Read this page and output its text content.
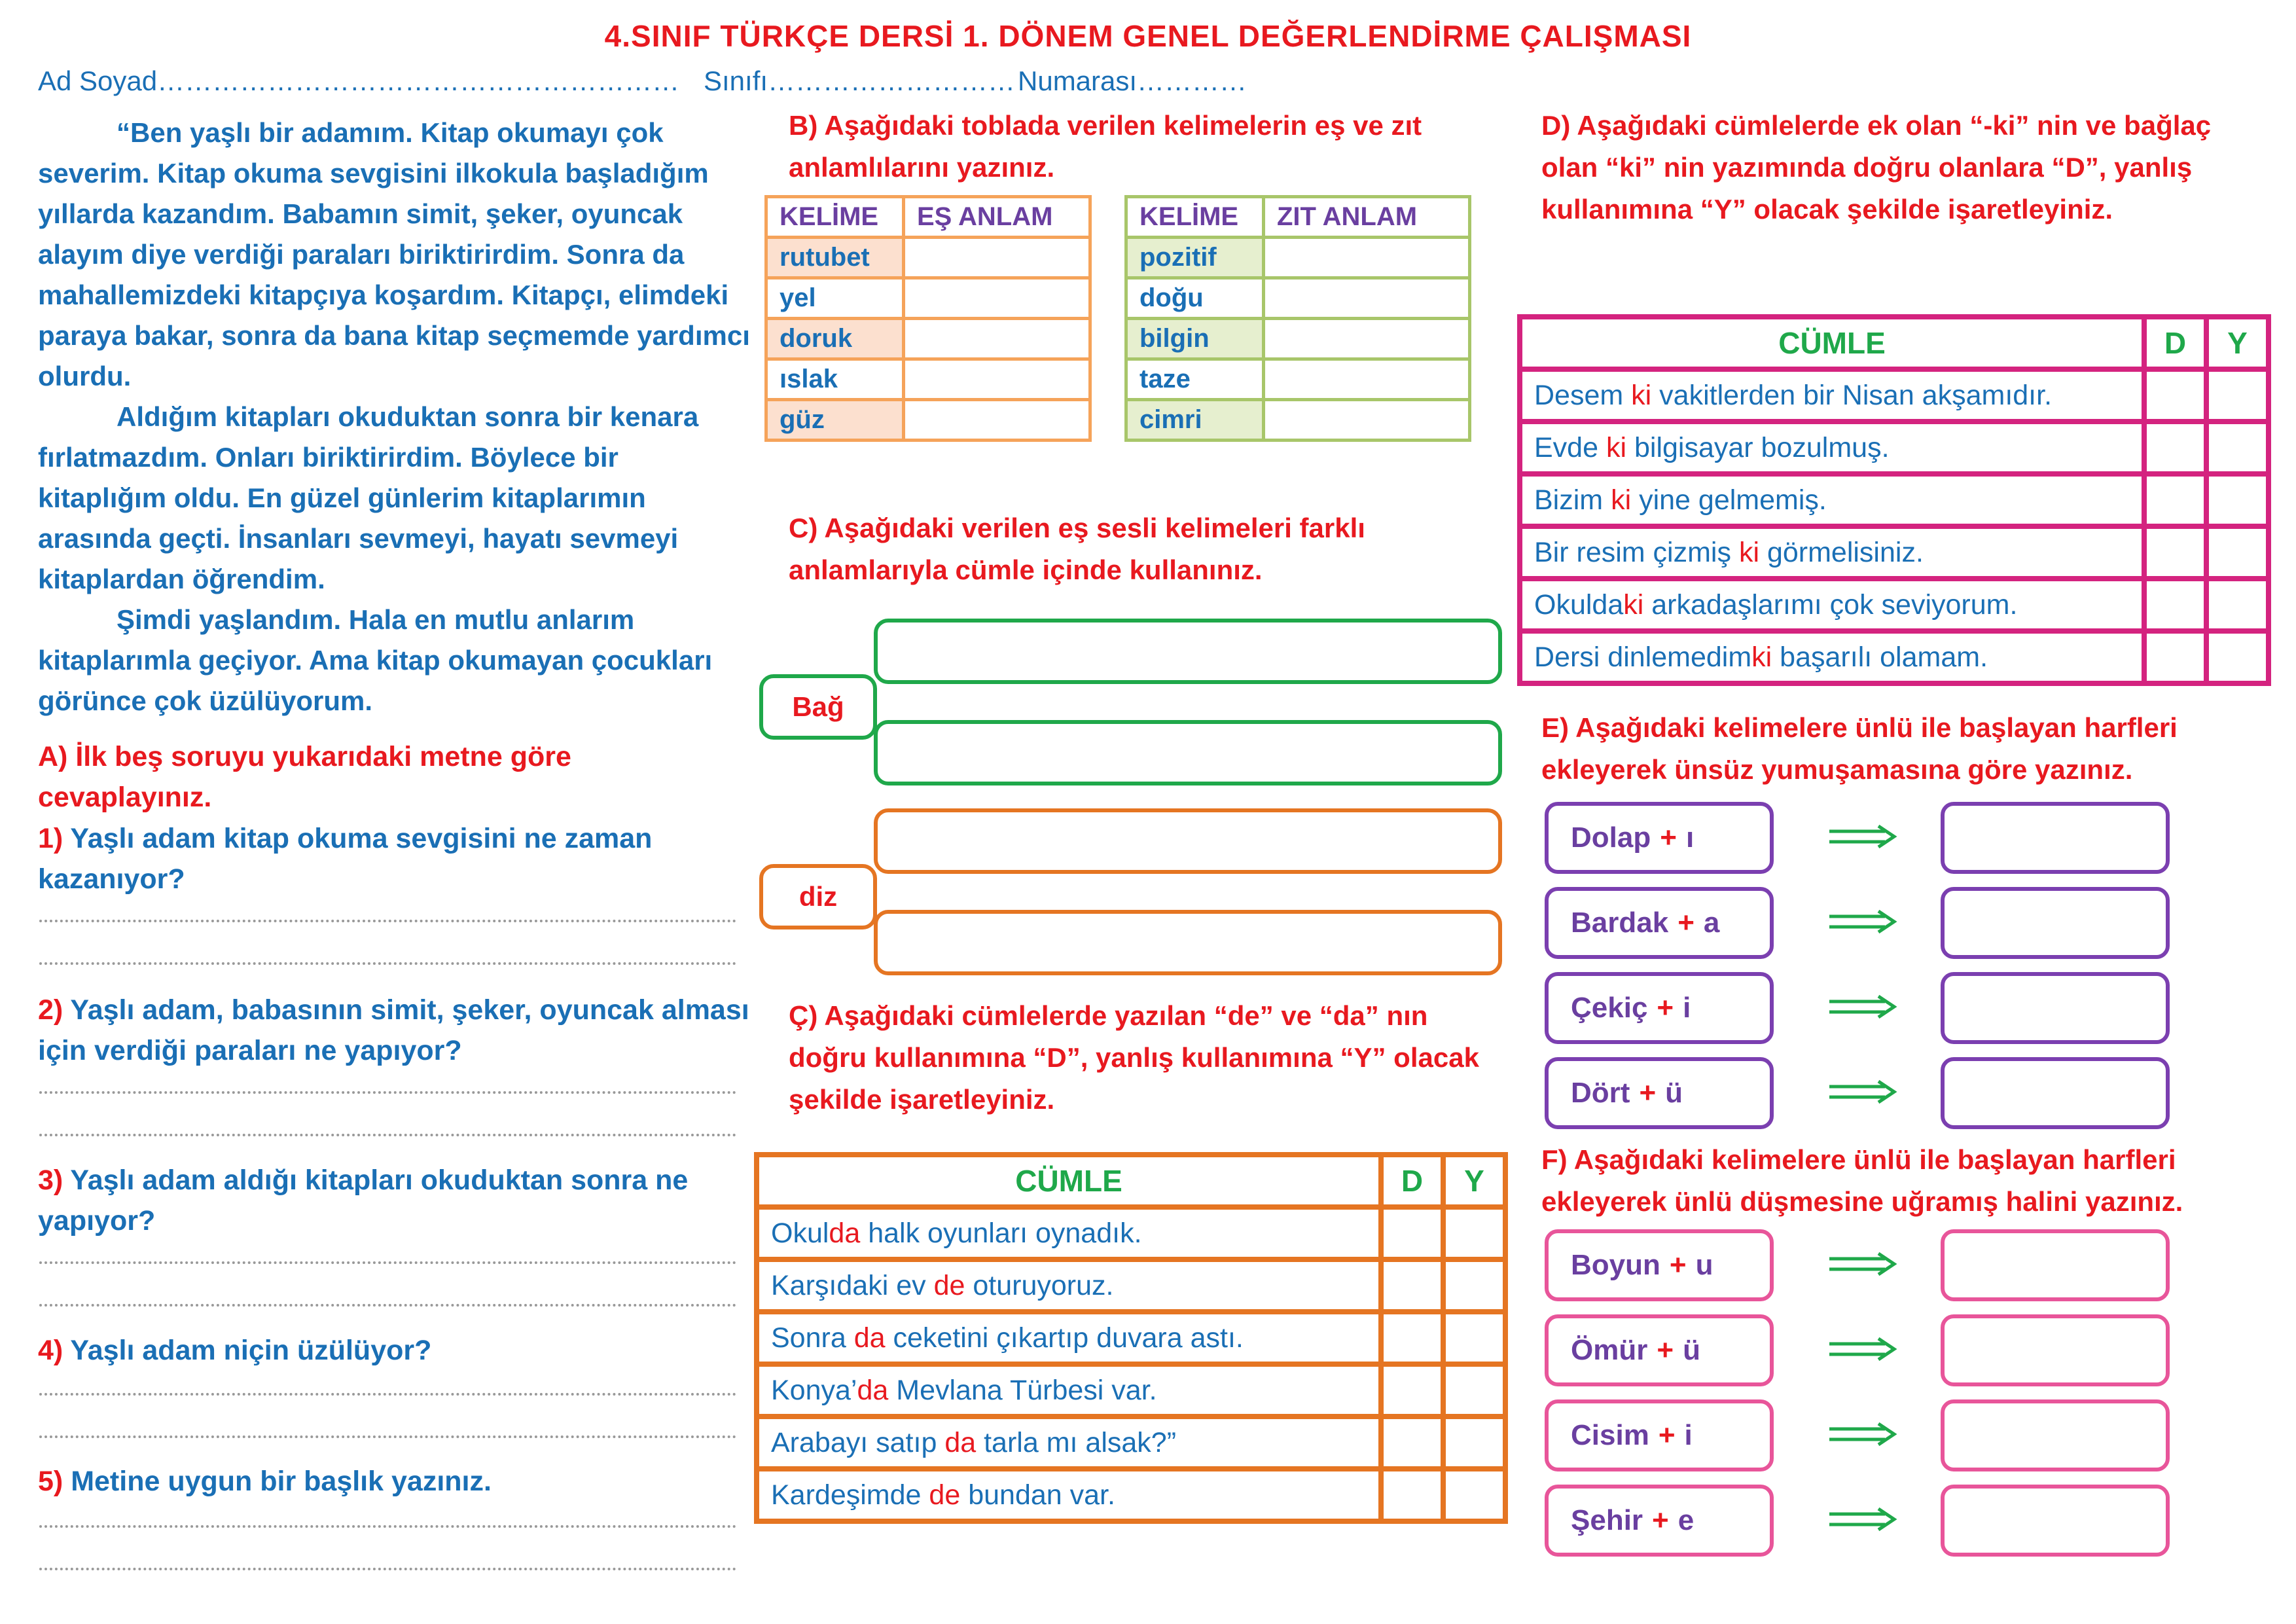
4.SINIF TÜRKÇE DERSİ 1. DÖNEM GENEL DEĞERLENDİRME ÇALIŞMASI
Ad Soyad………………………………………………… Sınıfı……………………… Numarası…………

“Ben yaşlı bir adamım. Kitap okumayı çok severim. Kitap okuma sevgisini ilkokula başladığım yıllarda kazandım. Babamın simit, şeker, oyuncak alayım diye verdiği paraları biriktirirdim. Sonra da mahallemizdeki kitapçıya koşardım. Kitapçı, elimdeki paraya bakar, sonra da bana kitap seçmemde yardımcı olurdu.

Aldığım kitapları okuduktan sonra bir kenara fırlatmazdım. Onları biriktirirdim. Böylece bir kitaplığım oldu. En güzel günlerim kitaplarımın arasında geçti. İnsanları sevmeyi, hayatı sevmeyi kitaplardan öğrendim.

Şimdi yaşlandım. Hala en mutlu anlarım kitaplarımla geçiyor. Ama kitap okumayan çocukları görünce çok üzülüyorum.

A) İlk beş soruyu yukarıdaki metne göre cevaplayınız.
1) Yaşlı adam kitap okuma sevgisini ne zaman kazanıyor?
2) Yaşlı adam, babasının simit, şeker, oyuncak alması için verdiği paraları ne yapıyor?
3) Yaşlı adam aldığı kitapları okuduktan sonra ne yapıyor?
4) Yaşlı adam niçin üzülüyor?
5) Metine uygun bir başlık yazınız.
B) Aşağıdaki toblada verilen kelimelerin eş ve zıt anlamlılarını yazınız.
KELİME	EŞ ANLAM
rutubet	
yel	
doruk	
ıslak	
güz	
KELİME	ZIT ANLAM
pozitif	
doğu	
bilgin	
taze	
cimri	
C) Aşağıdaki verilen eş sesli kelimeleri farklı anlamlarıyla cümle içinde kullanınız.
Bağ
diz
Ç) Aşağıdaki cümlelerde yazılan “de” ve “da” nın doğru kullanımına “D”, yanlış kullanımına “Y” olacak şekilde işaretleyiniz.
CÜMLE	D	Y
Okulda halk oyunları oynadık.		
Karşıdaki ev de oturuyoruz.		
Sonra da ceketini çıkartıp duvara astı.		
Konya’da Mevlana Türbesi var.		
Arabayı satıp da tarla mı alsak?”		
Kardeşimde de bundan var.		
D) Aşağıdaki cümlelerde ek olan “-ki” nin ve bağlaç olan “ki” nin yazımında doğru olanlara “D”, yanlış kullanımına “Y” olacak şekilde işaretleyiniz.
CÜMLE	D	Y
Desem ki vakitlerden bir Nisan akşamıdır.		
Evde ki bilgisayar bozulmuş.		
Bizim ki yine gelmemiş.		
Bir resim çizmiş ki görmelisiniz.		
Okuldaki arkadaşlarımı çok seviyorum.		
Dersi dinlemedimki başarılı olamam.		
E) Aşağıdaki kelimelere ünlü ile başlayan harfleri ekleyerek ünsüz yumuşamasına göre yazınız.
Dolap + ı
Bardak + a
Çekiç + i
Dört + ü
F) Aşağıdaki kelimelere ünlü ile başlayan harfleri ekleyerek ünlü düşmesine uğramış halini yazınız.
Boyun + u
Ömür + ü
Cisim + i
Şehir + e
